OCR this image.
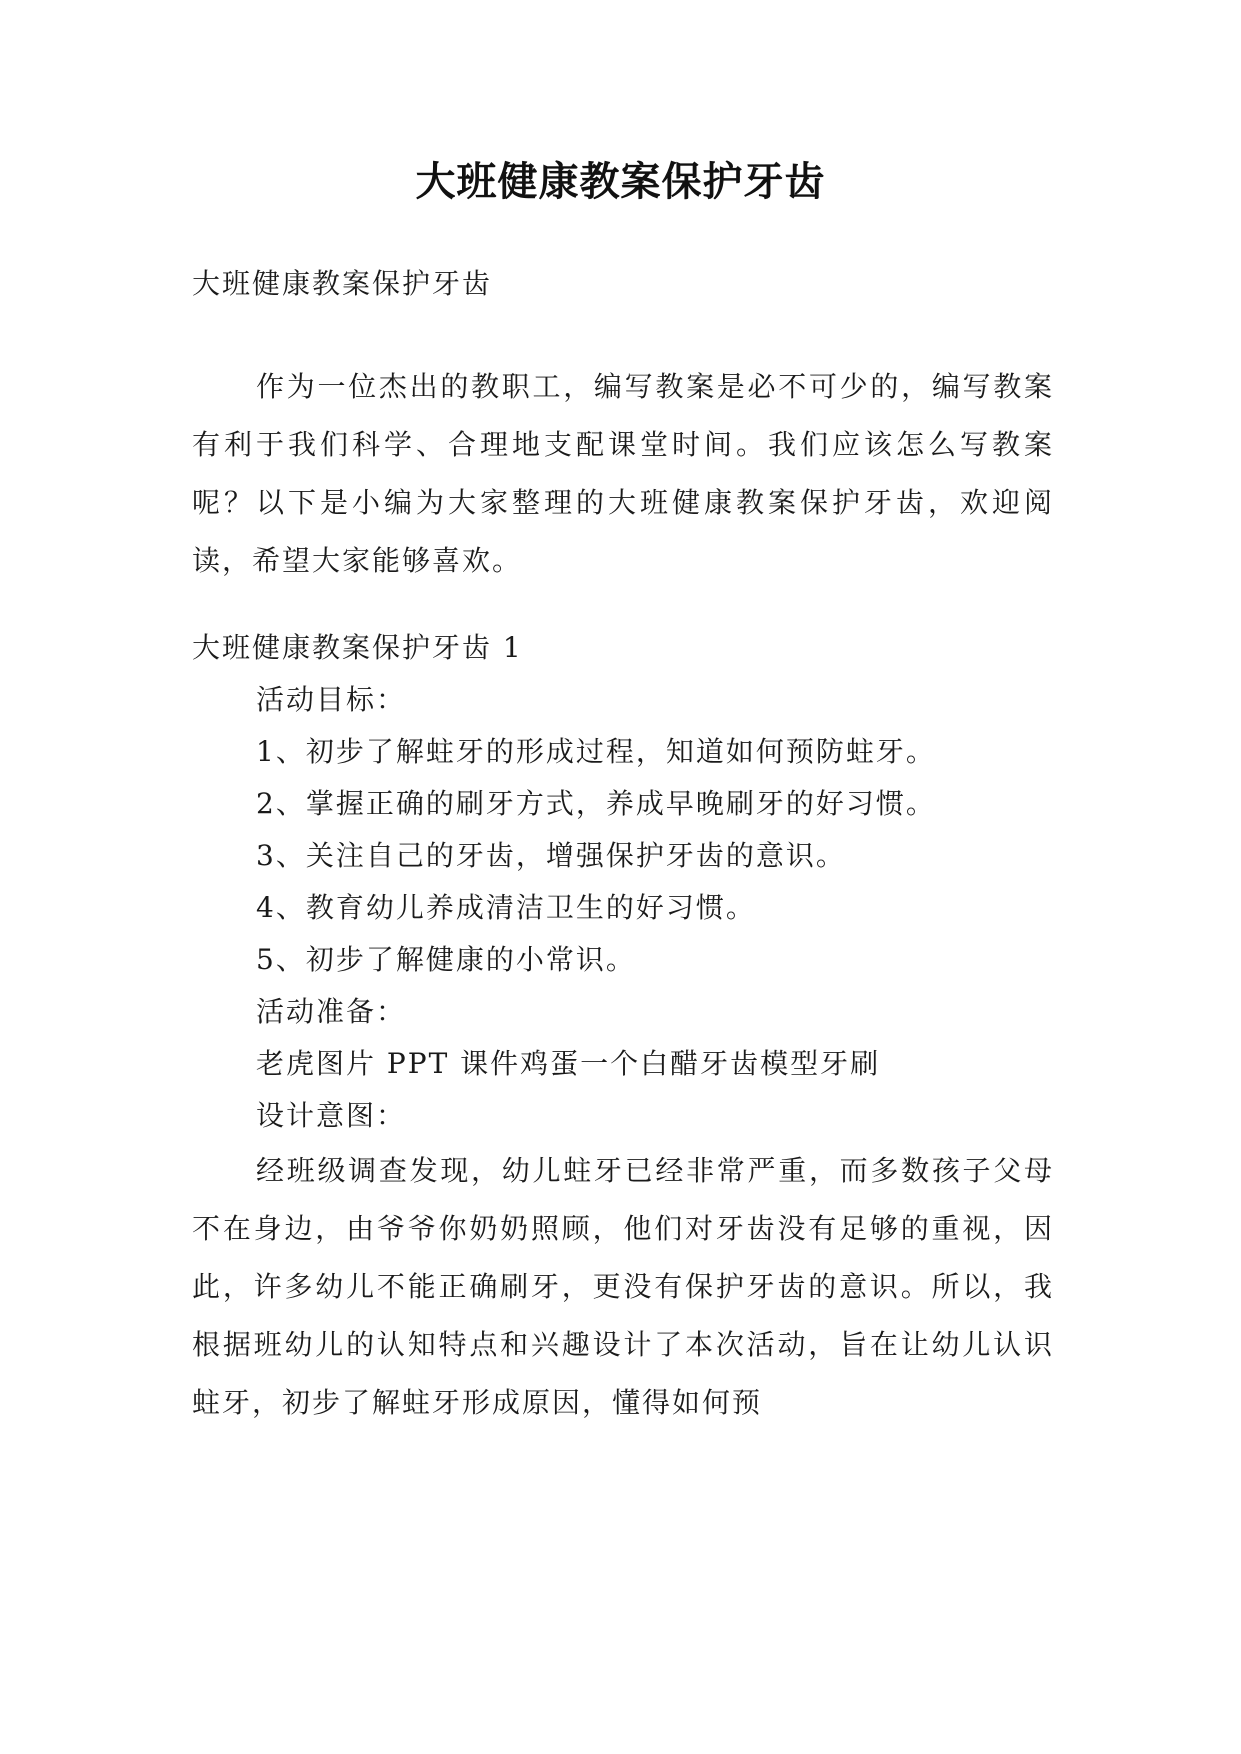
大班健康教案保护牙齿
大班健康教案保护牙齿

作为一位杰出的教职工，编写教案是必不可少的，编写教案有利于我们科学、合理地支配课堂时间。我们应该怎么写教案呢？以下是小编为大家整理的大班健康教案保护牙齿，欢迎阅读，希望大家能够喜欢。

大班健康教案保护牙齿 1
活动目标：
1、初步了解蛀牙的形成过程，知道如何预防蛀牙。
2、掌握正确的刷牙方式，养成早晚刷牙的好习惯。
3、关注自己的牙齿，增强保护牙齿的意识。
4、教育幼儿养成清洁卫生的好习惯。
5、初步了解健康的小常识。
活动准备：
老虎图片 PPT 课件鸡蛋一个白醋牙齿模型牙刷
设计意图：

经班级调查发现，幼儿蛀牙已经非常严重，而多数孩子父母不在身边，由爷爷你奶奶照顾，他们对牙齿没有足够的重视，因此，许多幼儿不能正确刷牙，更没有保护牙齿的意识。所以，我根据班幼儿的认知特点和兴趣设计了本次活动，旨在让幼儿认识蛀牙，初步了解蛀牙形成原因，懂得如何预
